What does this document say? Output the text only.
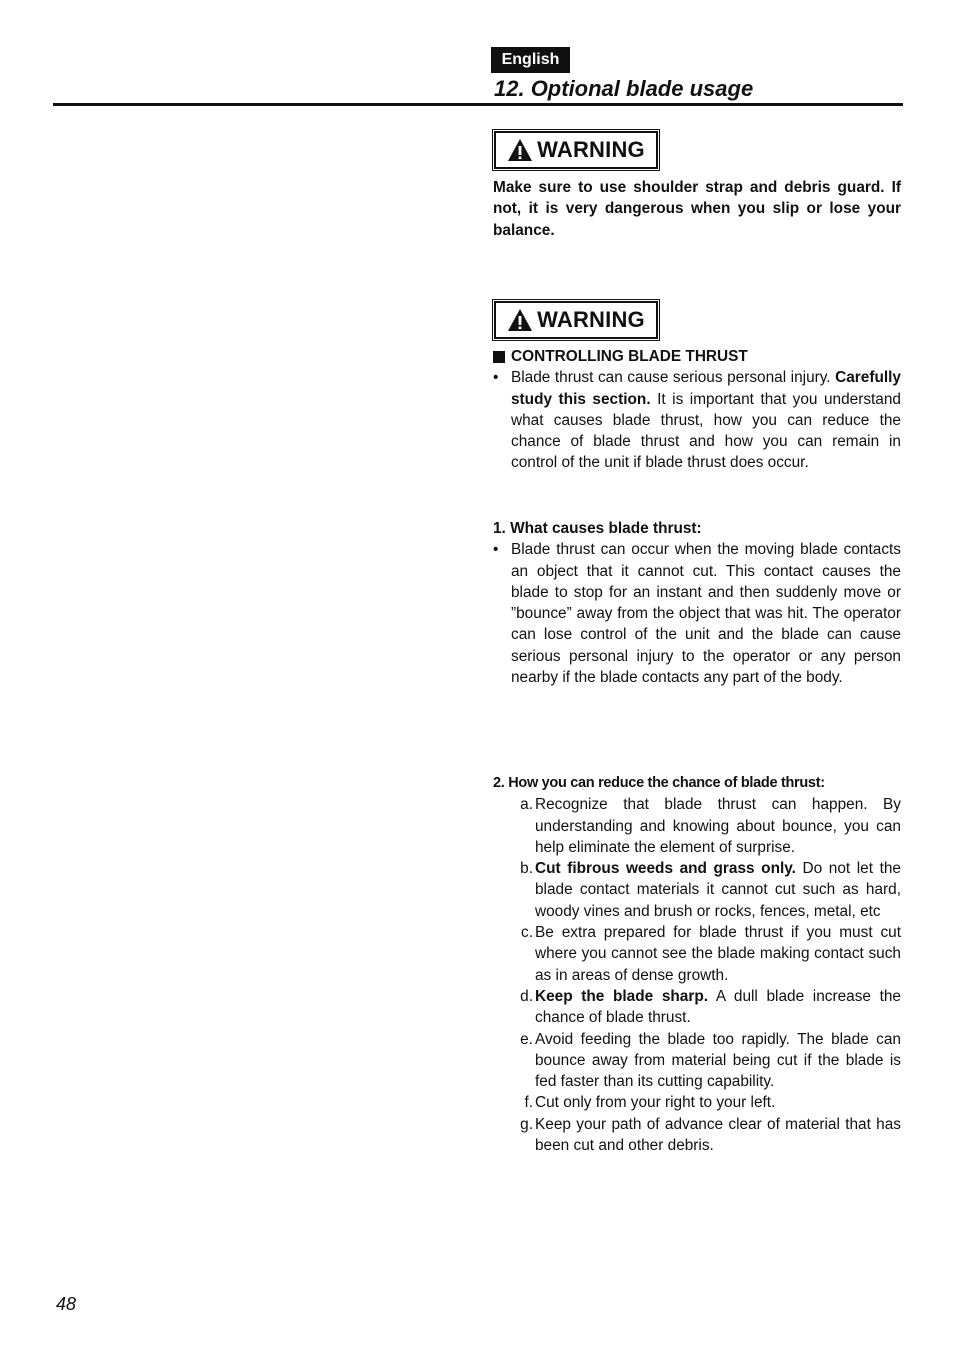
English
12. Optional blade usage
WARNING

Make sure to use shoulder strap and debris guard. If not, it is very dangerous when you slip or lose your balance.

WARNING
CONTROLLING BLADE THRUST

• Blade thrust can cause serious personal injury. Carefully study this section. It is important that you understand what causes blade thrust, how you can reduce the chance of blade thrust and how you can remain in control of the unit if blade thrust does occur.

1. What causes blade thrust:

• Blade thrust can occur when the moving blade contacts an object that it cannot cut. This contact causes the blade to stop for an instant and then suddenly move or ”bounce” away from the object that was hit. The operator can lose control of the unit and the blade can cause serious personal injury to the operator or any person nearby if the blade contacts any part of the body.

2. How you can reduce the chance of blade thrust:

a. Recognize that blade thrust can happen. By understanding and knowing about bounce, you can help eliminate the element of surprise.

b. Cut fibrous weeds and grass only. Do not let the blade contact materials it cannot cut such as hard, woody vines and brush or rocks, fences, metal, etc

c. Be extra prepared for blade thrust if you must cut where you cannot see the blade making contact such as in areas of dense growth.

d. Keep the blade sharp. A dull blade increase the chance of blade thrust.

e. Avoid feeding the blade too rapidly. The blade can bounce away from material being cut if the blade is fed faster than its cutting capability.

f. Cut only from your right to your left.

g. Keep your path of advance clear of material that has been cut and other debris.

48
